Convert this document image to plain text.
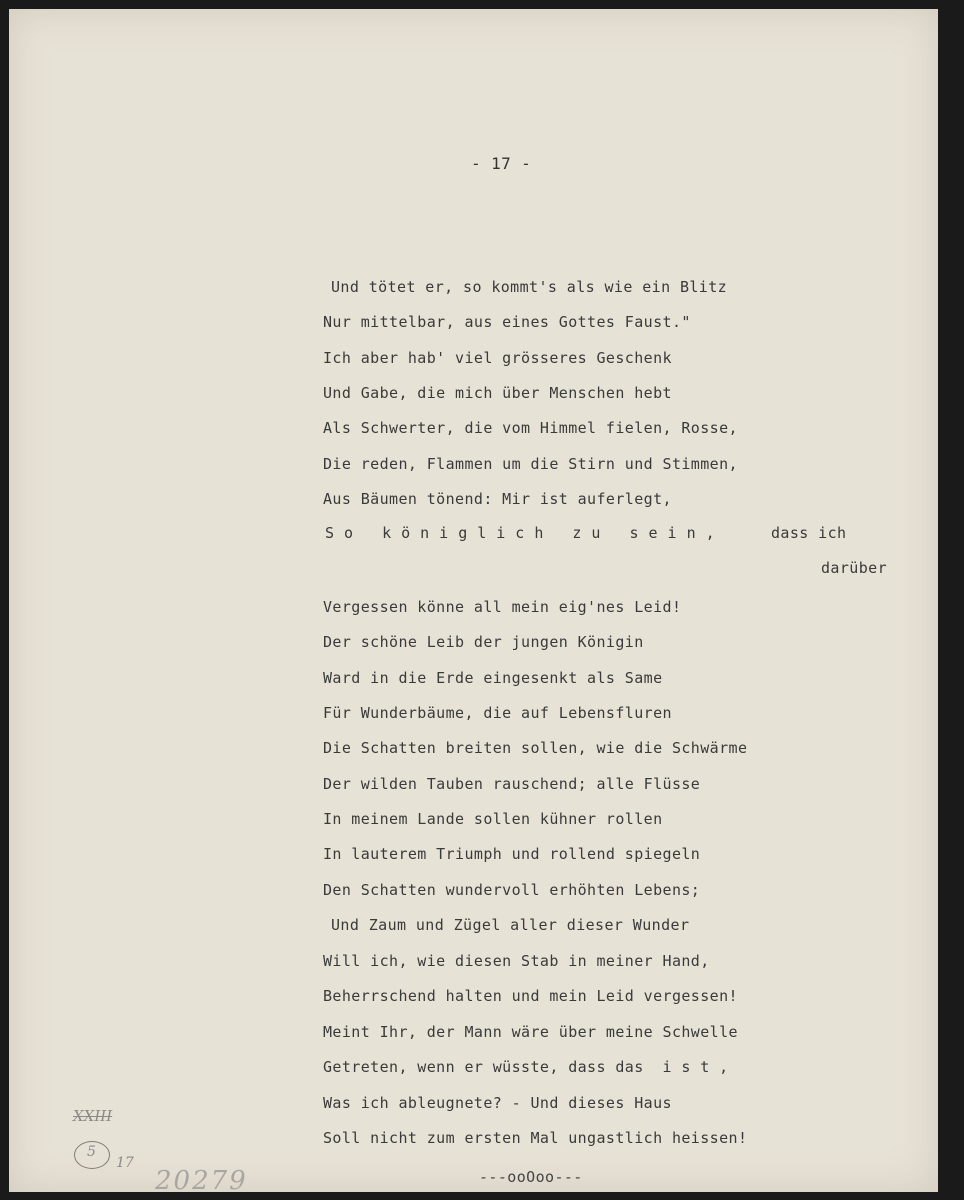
- 17 -
Und tötet er, so kommt's als wie ein Blitz
Nur mittelbar, aus eines Gottes Faust."
Ich aber hab' viel grösseres Geschenk
Und Gabe, die mich über Menschen hebt
Als Schwerter, die vom Himmel fielen, Rosse,
Die reden, Flammen um die Stirn und Stimmen,
Aus Bäumen tönend: Mir ist auferlegt,
So königlich zu sein,	dass ich
darüber
Vergessen könne all mein eig'nes Leid!
Der schöne Leib der jungen Königin
Ward in die Erde eingesenkt als Same
Für Wunderbäume, die auf Lebensfluren
Die Schatten breiten sollen, wie die Schwärme
Der wilden Tauben rauschend; alle Flüsse
In meinem Lande sollen kühner rollen
In lauterem Triumph und rollend spiegeln
Den Schatten wundervoll erhöhten Lebens;
Und Zaum und Zügel aller dieser Wunder
Will ich, wie diesen Stab in meiner Hand,
Beherrschend halten und mein Leid vergessen!
Meint Ihr, der Mann wäre über meine Schwelle
Getreten, wenn er wüsste, dass das  i s t ,
Was ich ableugnete? - Und dieses Haus
Soll nicht zum ersten Mal ungastlich heissen!
---ooOoo---
XXIII
5
17
20279
